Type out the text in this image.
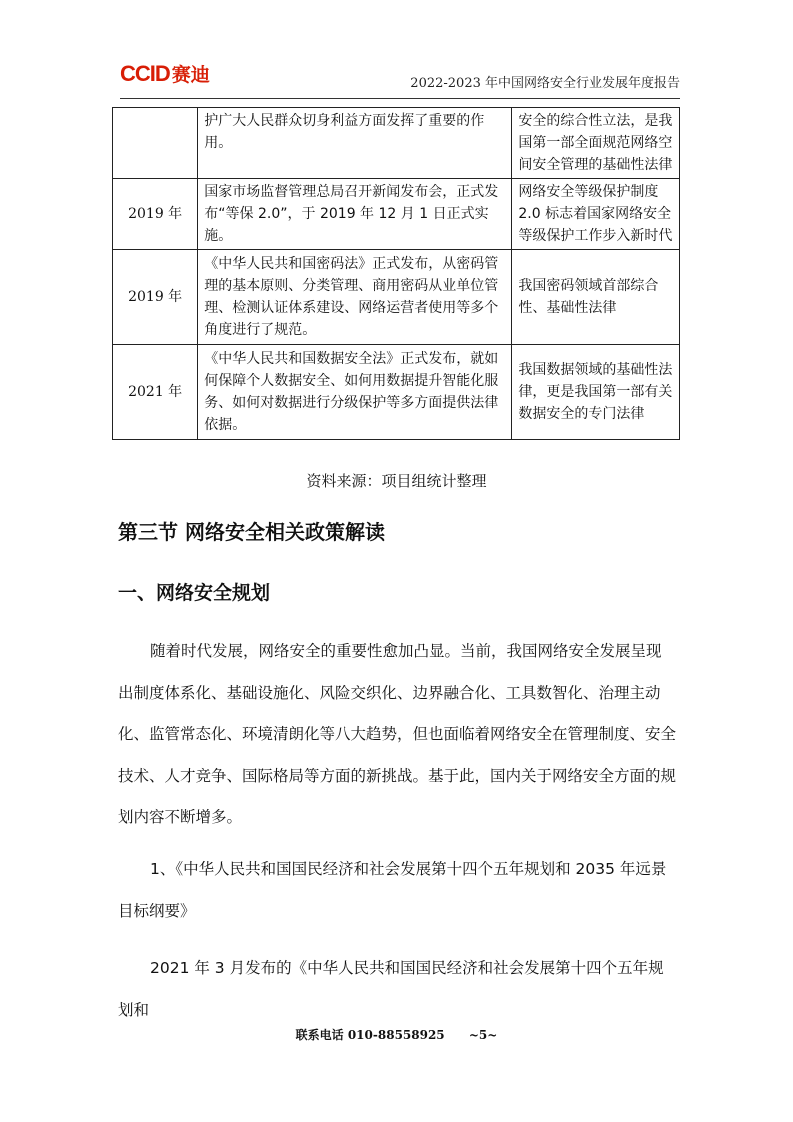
CCID 赛迪	2022-2023 年中国网络安全行业发展年度报告
	护广大人民群众切身利益方面发挥了重要的作用。	安全的综合性立法，是我国第一部全面规范网络空间安全管理的基础性法律
2019 年	国家市场监督管理总局召开新闻发布会，正式发布“等保 2.0”，于 2019 年 12 月 1 日正式实施。	网络安全等级保护制度 2.0 标志着国家网络安全等级保护工作步入新时代
2019 年	《中华人民共和国密码法》正式发布，从密码管理的基本原则、分类管理、商用密码从业单位管理、检测认证体系建设、网络运营者使用等多个角度进行了规范。	我国密码领域首部综合性、基础性法律
2021 年	《中华人民共和国数据安全法》正式发布，就如何保障个人数据安全、如何用数据提升智能化服务、如何对数据进行分级保护等多方面提供法律依据。	我国数据领域的基础性法律，更是我国第一部有关数据安全的专门法律
资料来源：项目组统计整理
第三节 网络安全相关政策解读
一、网络安全规划
随着时代发展，网络安全的重要性愈加凸显。当前，我国网络安全发展呈现出制度体系化、基础设施化、风险交织化、边界融合化、工具数智化、治理主动化、监管常态化、环境清朗化等八大趋势，但也面临着网络安全在管理制度、安全技术、人才竞争、国际格局等方面的新挑战。基于此，国内关于网络安全方面的规划内容不断增多。
1、《中华人民共和国国民经济和社会发展第十四个五年规划和 2035 年远景目标纲要》
2021 年 3 月发布的《中华人民共和国国民经济和社会发展第十四个五年规划和
联系电话 010-88558925 ~5~
